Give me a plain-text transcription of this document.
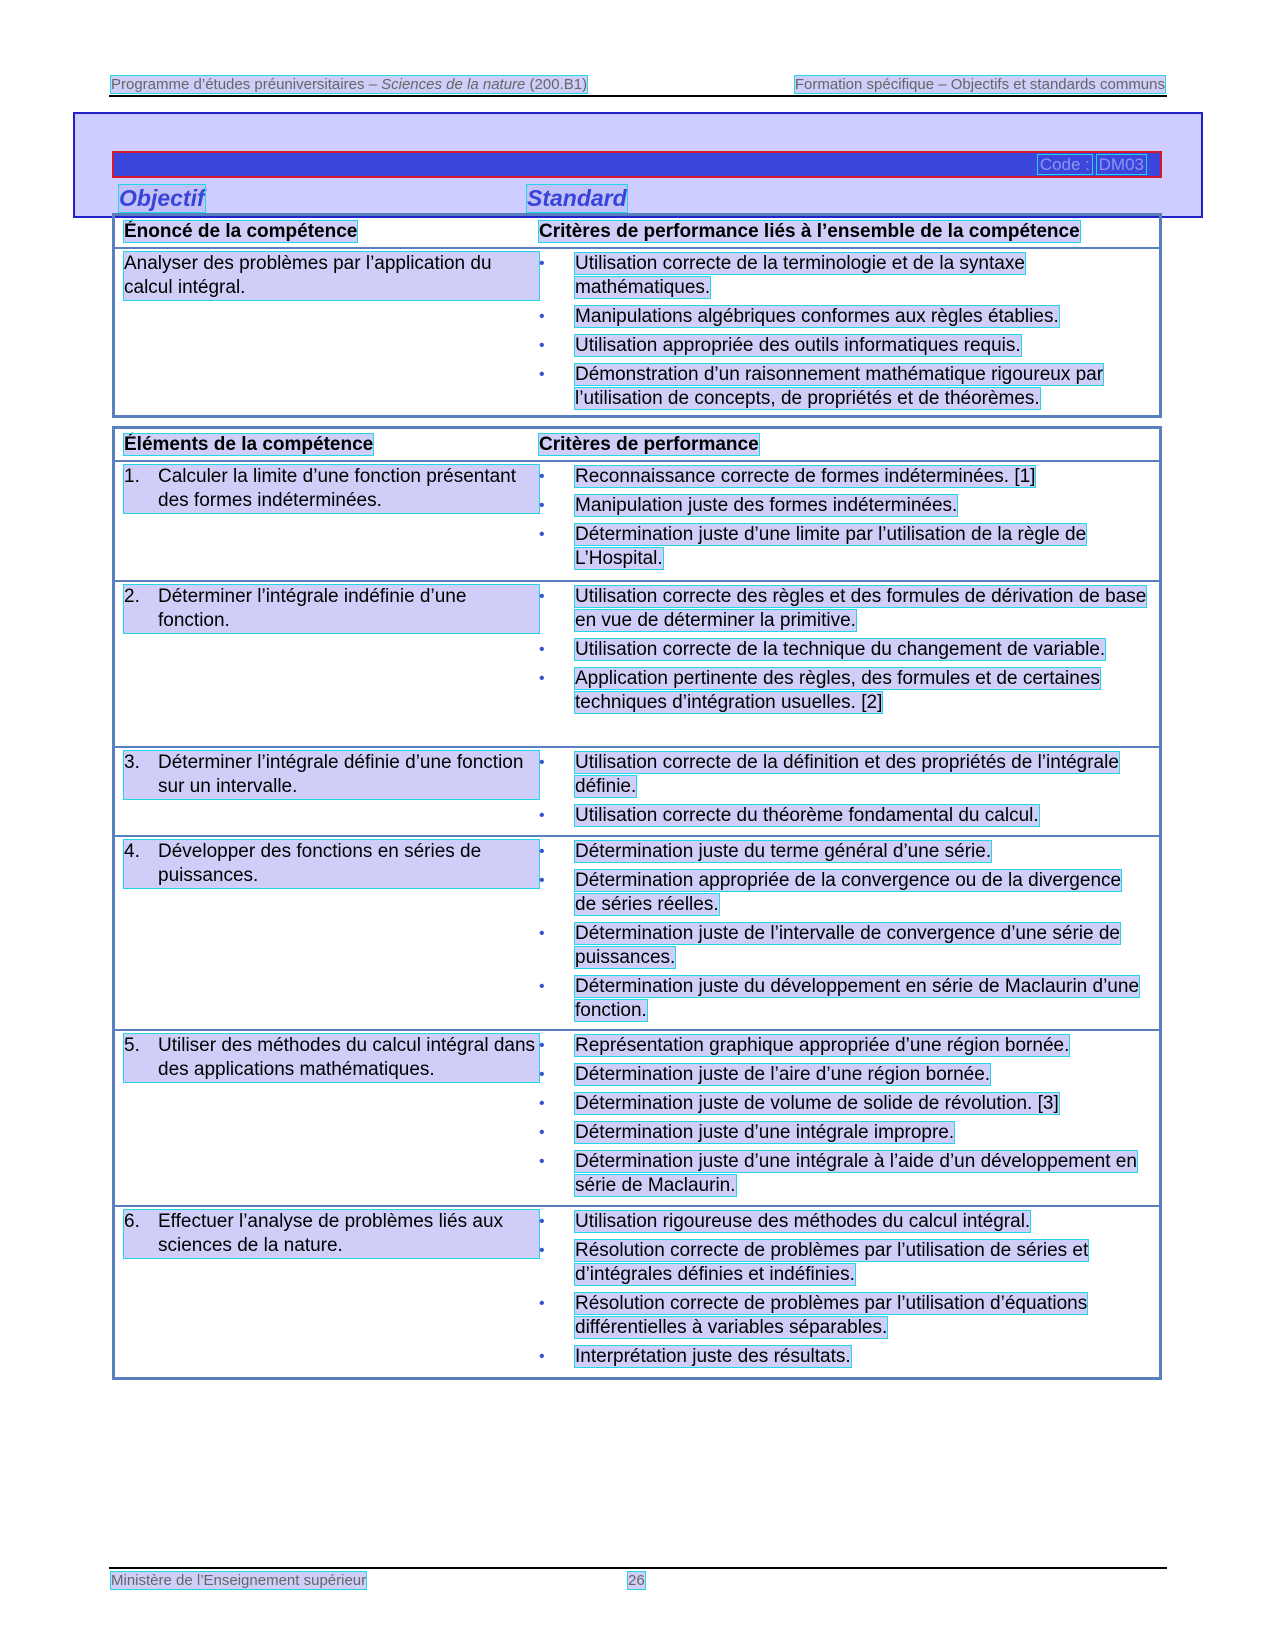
Programme d’études préuniversitaires – Sciences de la nature (200.B1)	Formation spécifique – Objectifs et standards communs
Code : DM03
Objectif	Standard
Énoncé de la compétence	Critères de performance liés à l’ensemble de la compétence
Analyser des problèmes par l’application du calcul intégral.
• Utilisation correcte de la terminologie et de la syntaxe mathématiques.
• Manipulations algébriques conformes aux règles établies.
• Utilisation appropriée des outils informatiques requis.
• Démonstration d’un raisonnement mathématique rigoureux par l’utilisation de concepts, de propriétés et de théorèmes.
Éléments de la compétence	Critères de performance
1. Calculer la limite d’une fonction présentant des formes indéterminées.
• Reconnaissance correcte de formes indéterminées. [1]
• Manipulation juste des formes indéterminées.
• Détermination juste d’une limite par l’utilisation de la règle de L’Hospital.
2. Déterminer l’intégrale indéfinie d’une fonction.
• Utilisation correcte des règles et des formules de dérivation de base en vue de déterminer la primitive.
• Utilisation correcte de la technique du changement de variable.
• Application pertinente des règles, des formules et de certaines techniques d’intégration usuelles. [2]
3. Déterminer l’intégrale définie d’une fonction sur un intervalle.
• Utilisation correcte de la définition et des propriétés de l’intégrale définie.
• Utilisation correcte du théorème fondamental du calcul.
4. Développer des fonctions en séries de puissances.
• Détermination juste du terme général d’une série.
• Détermination appropriée de la convergence ou de la divergence de séries réelles.
• Détermination juste de l’intervalle de convergence d’une série de puissances.
• Détermination juste du développement en série de Maclaurin d’une fonction.
5. Utiliser des méthodes du calcul intégral dans des applications mathématiques.
• Représentation graphique appropriée d’une région bornée.
• Détermination juste de l’aire d’une région bornée.
• Détermination juste de volume de solide de révolution. [3]
• Détermination juste d’une intégrale impropre.
• Détermination juste d’une intégrale à l’aide d’un développement en série de Maclaurin.
6. Effectuer l’analyse de problèmes liés aux sciences de la nature.
• Utilisation rigoureuse des méthodes du calcul intégral.
• Résolution correcte de problèmes par l’utilisation de séries et d’intégrales définies et indéfinies.
• Résolution correcte de problèmes par l’utilisation d’équations différentielles à variables séparables.
• Interprétation juste des résultats.
Ministère de l’Enseignement supérieur	26
